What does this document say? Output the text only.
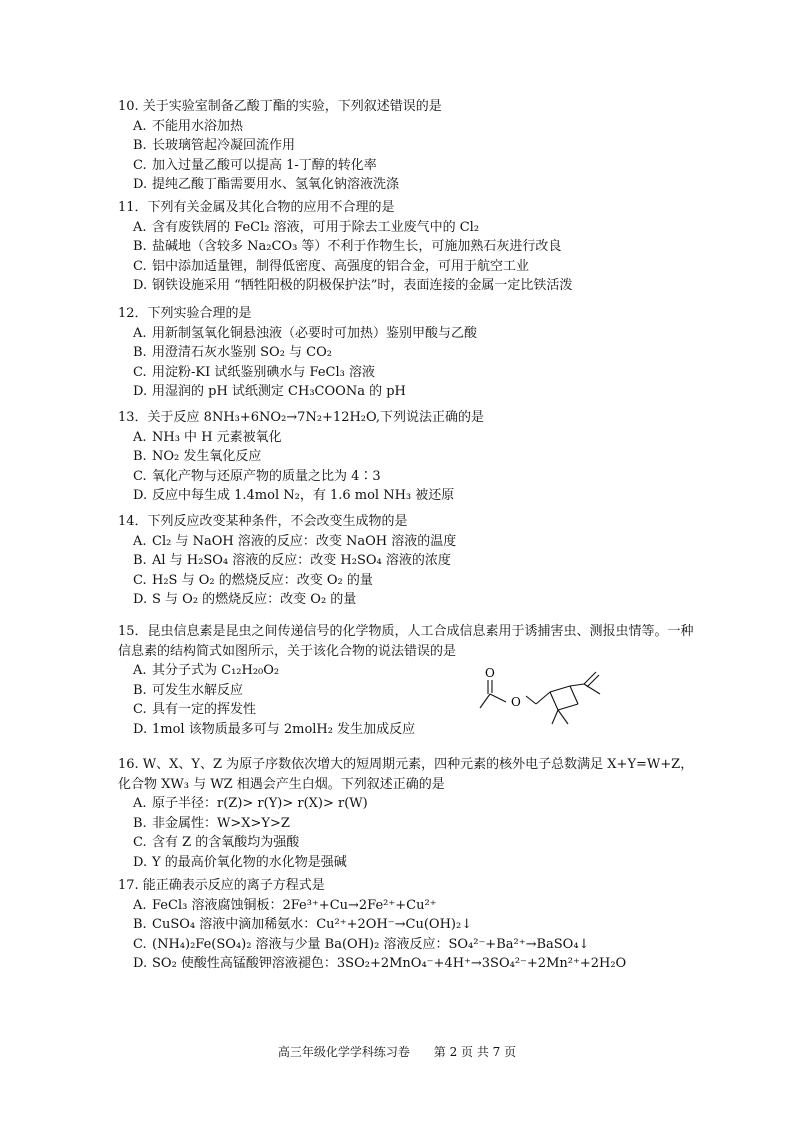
10. 关于实验室制备乙酸丁酯的实验，下列叙述错误的是

A. 不能用水浴加热

B. 长玻璃管起冷凝回流作用

C. 加入过量乙酸可以提高 1-丁醇的转化率

D. 提纯乙酸丁酯需要用水、氢氧化钠溶液洗涤

11．下列有关金属及其化合物的应用不合理的是

A. 含有废铁屑的 FeCl₂ 溶液，可用于除去工业废气中的 Cl₂

B. 盐碱地（含较多 Na₂CO₃ 等）不利于作物生长，可施加熟石灰进行改良

C. 铝中添加适量锂，制得低密度、高强度的铝合金，可用于航空工业

D. 钢铁设施采用 “牺牲阳极的阴极保护法”时，表面连接的金属一定比铁活泼

12．下列实验合理的是

A. 用新制氢氧化铜悬浊液（必要时可加热）鉴别甲酸与乙酸

B. 用澄清石灰水鉴别 SO₂ 与 CO₂

C. 用淀粉-KI 试纸鉴别碘水与 FeCl₃ 溶液

D. 用湿润的 pH 试纸测定 CH₃COONa 的 pH

13．关于反应 8NH₃+6NO₂→7N₂+12H₂O,下列说法正确的是

A. NH₃ 中 H 元素被氧化

B. NO₂ 发生氧化反应

C. 氧化产物与还原产物的质量之比为 4∶3

D. 反应中每生成 1.4mol N₂，有 1.6 mol NH₃ 被还原

14．下列反应改变某种条件，不会改变生成物的是

A. Cl₂ 与 NaOH 溶液的反应：改变 NaOH 溶液的温度

B. Al 与 H₂SO₄ 溶液的反应：改变 H₂SO₄ 溶液的浓度

C. H₂S 与 O₂ 的燃烧反应：改变 O₂ 的量

D. S 与 O₂ 的燃烧反应：改变 O₂ 的量

15．昆虫信息素是昆虫之间传递信号的化学物质，人工合成信息素用于诱捕害虫、测报虫情等。一种信息素的结构简式如图所示，关于该化合物的说法错误的是

A. 其分子式为 C₁₂H₂₀O₂

B. 可发生水解反应

C. 具有一定的挥发性

D. 1mol 该物质最多可与 2molH₂ 发生加成反应

O
O

16. W、X、Y、Z 为原子序数依次增大的短周期元素，四种元素的核外电子总数满足 X+Y=W+Z，化合物 XW₃ 与 WZ 相遇会产生白烟。下列叙述正确的是

A. 原子半径：r(Z)> r(Y)> r(X)> r(W)

B. 非金属性：W>X>Y>Z

C. 含有 Z 的含氧酸均为强酸

D. Y 的最高价氧化物的水化物是强碱

17. 能正确表示反应的离子方程式是

A. FeCl₃ 溶液腐蚀铜板：2Fe³⁺+Cu→2Fe²⁺+Cu²⁺

B. CuSO₄ 溶液中滴加稀氨水：Cu²⁺+2OH⁻→Cu(OH)₂↓

C. (NH₄)₂Fe(SO₄)₂ 溶液与少量 Ba(OH)₂ 溶液反应：SO₄²⁻+Ba²⁺→BaSO₄↓

D. SO₂ 使酸性高锰酸钾溶液褪色：3SO₂+2MnO₄⁻+4H⁺→3SO₄²⁻+2Mn²⁺+2H₂O

高三年级化学学科练习卷 第 2 页 共 7 页
